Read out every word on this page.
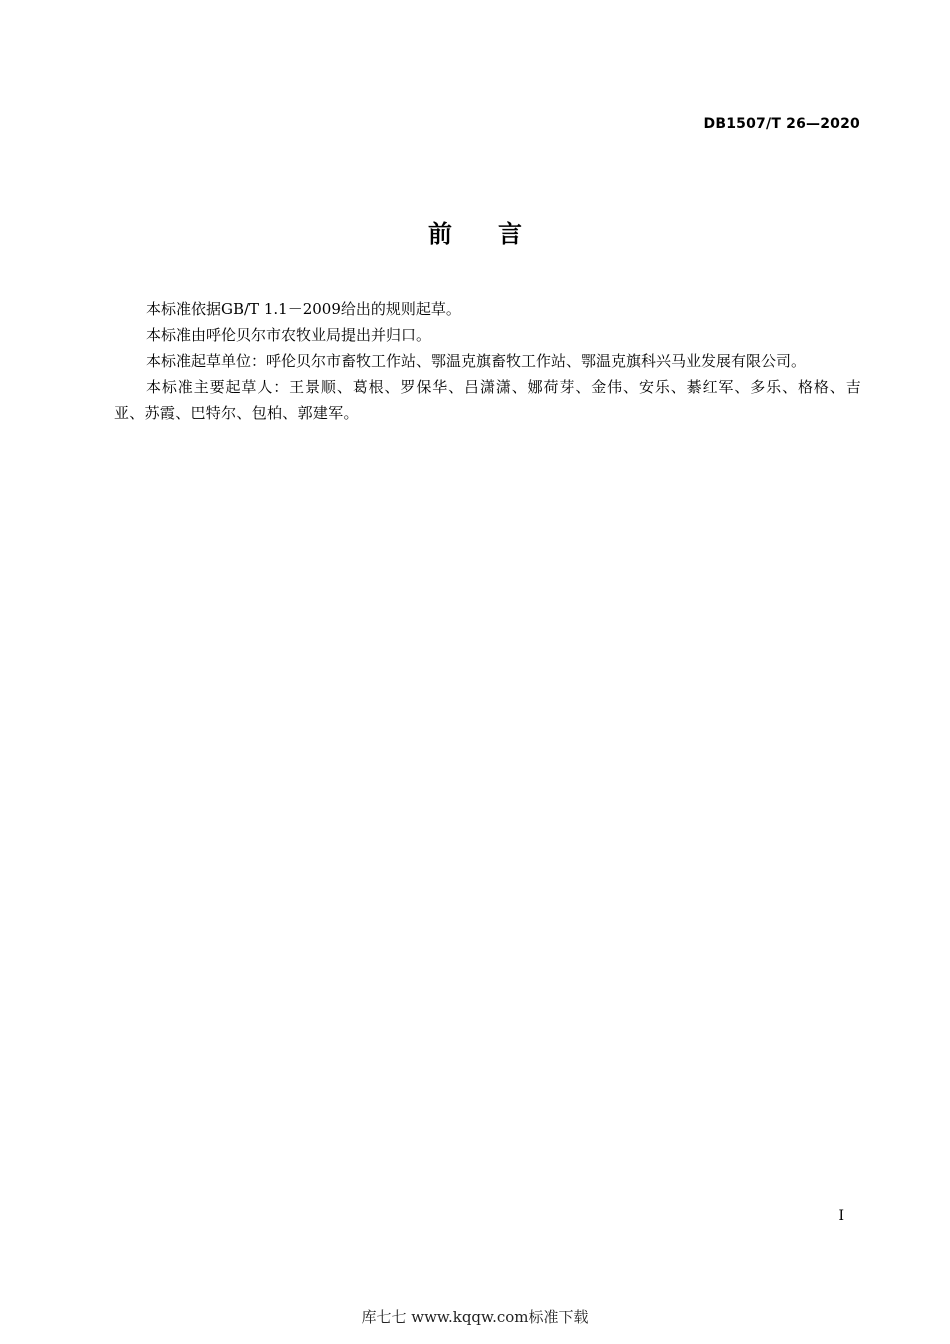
DB1507/T 26—2020
前言

本标准依据GB/T 1.1－2009给出的规则起草。

本标准由呼伦贝尔市农牧业局提出并归口。

本标准起草单位：呼伦贝尔市畜牧工作站、鄂温克旗畜牧工作站、鄂温克旗科兴马业发展有限公司。

本标准主要起草人：王景顺、葛根、罗保华、吕潇潇、娜荷芽、金伟、安乐、綦红军、多乐、格格、吉亚、苏霞、巴特尔、包柏、郭建军。

I
库七七 www.kqqw.com标准下载
